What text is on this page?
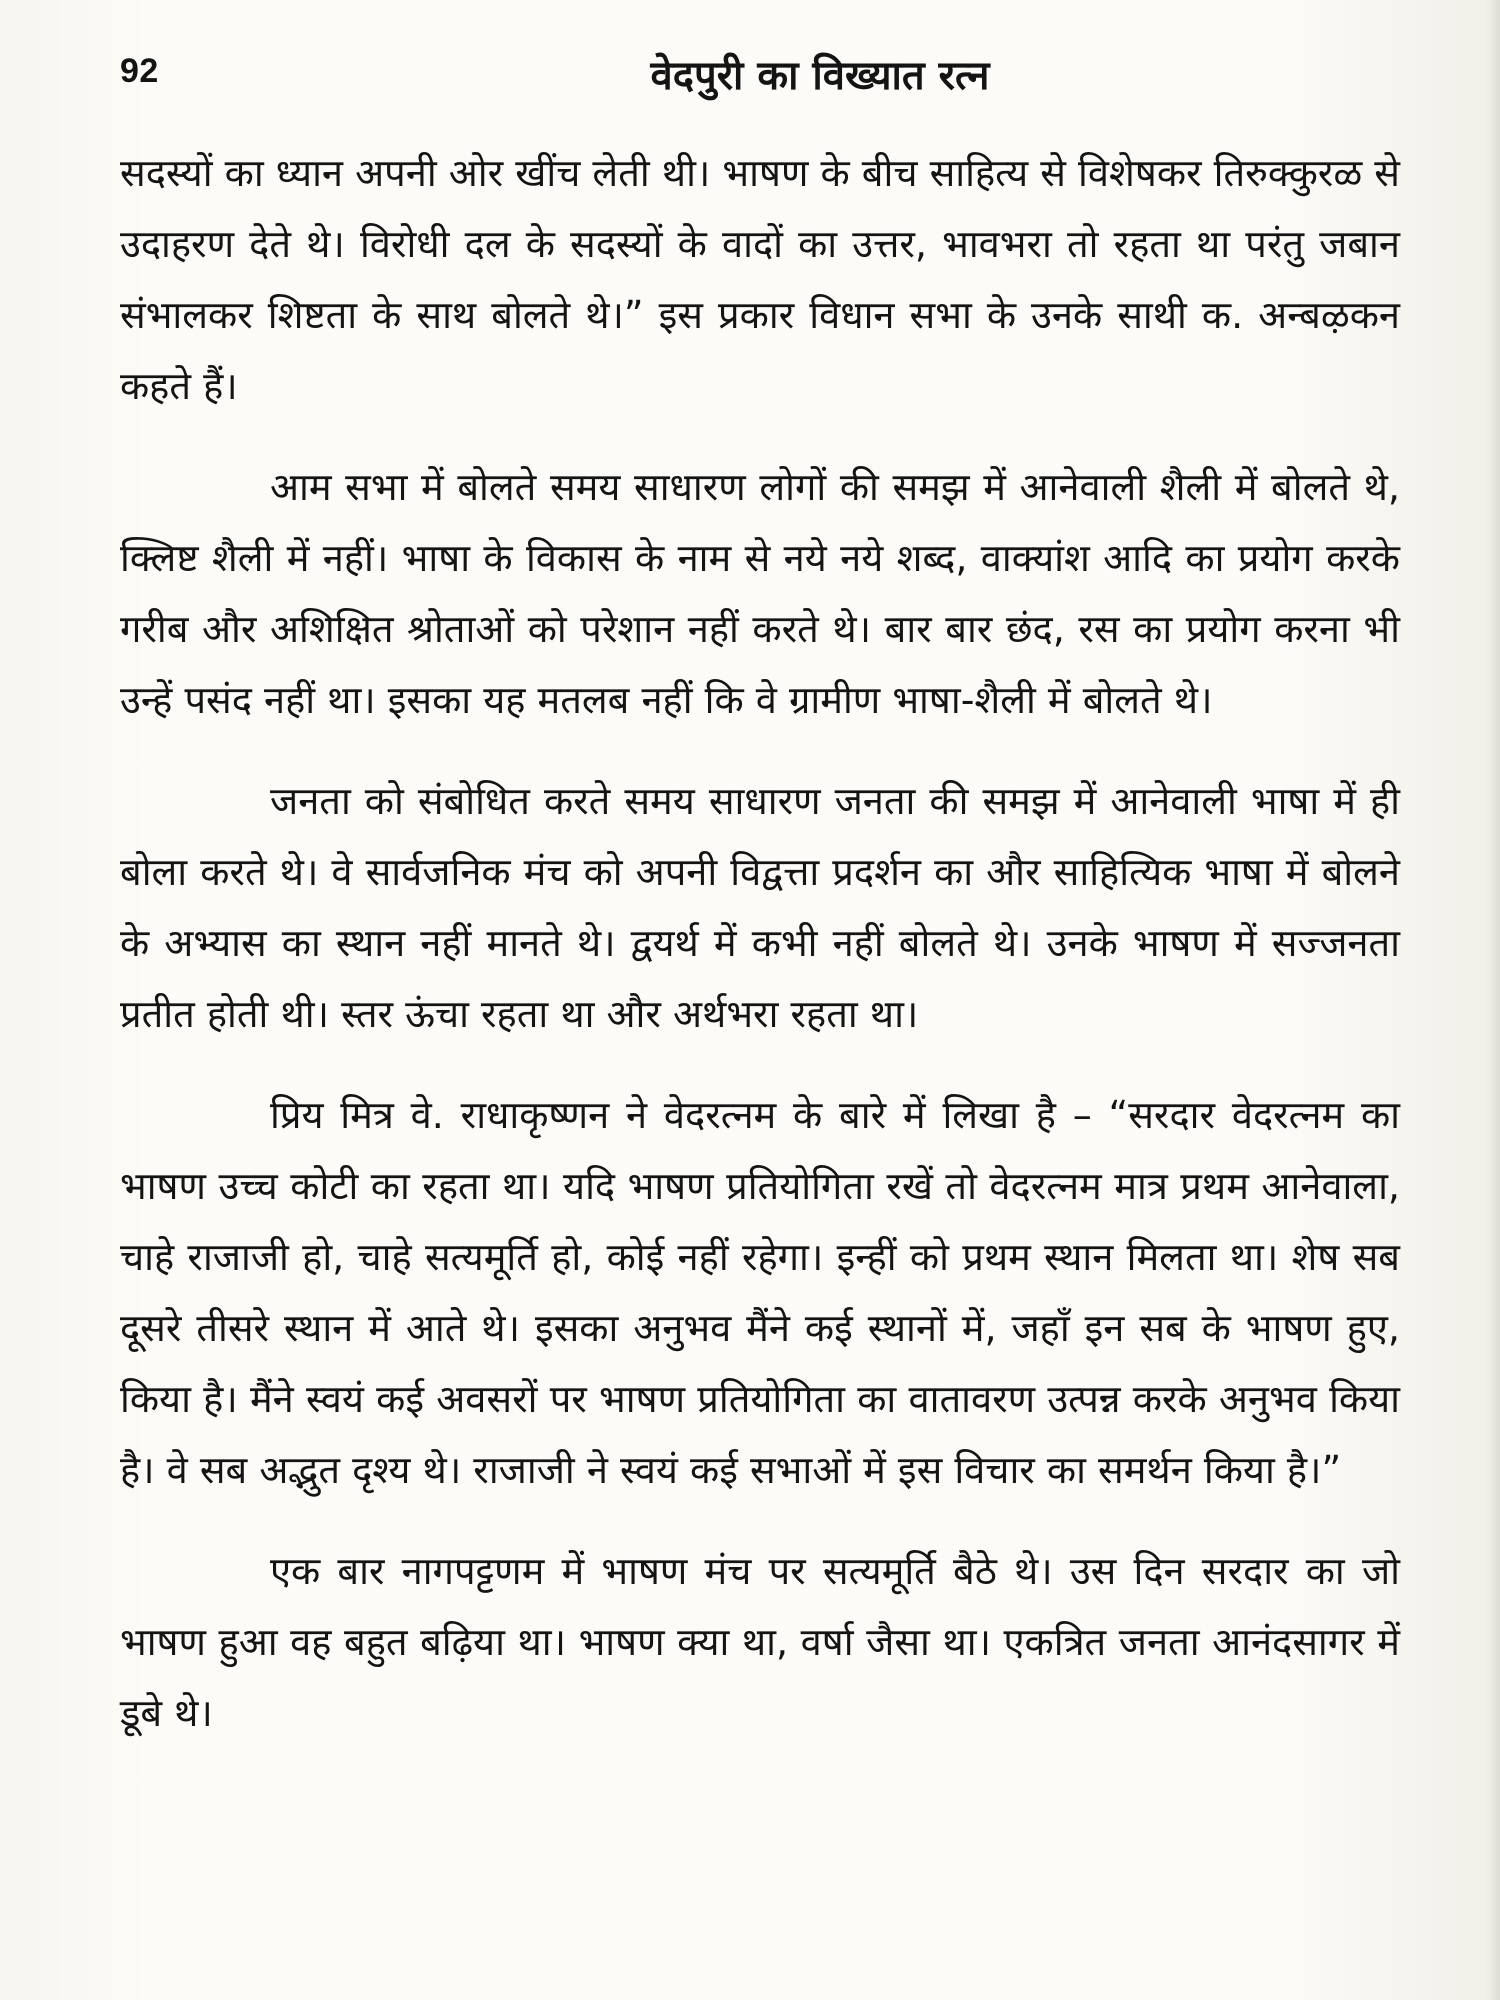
92	वेदपुरी का विख्यात रत्न

सदस्यों का ध्यान अपनी ओर खींच लेती थी। भाषण के बीच साहित्य से विशेषकर तिरुक्कुरळ से उदाहरण देते थे। विरोधी दल के सदस्यों के वादों का उत्तर, भावभरा तो रहता था परंतु जबान संभालकर शिष्टता के साथ बोलते थे।” इस प्रकार विधान सभा के उनके साथी क. अन्बऴकन कहते हैं।

आम सभा में बोलते समय साधारण लोगों की समझ में आनेवाली शैली में बोलते थे, क्लिष्ट शैली में नहीं। भाषा के विकास के नाम से नये नये शब्द, वाक्यांश आदि का प्रयोग करके गरीब और अशिक्षित श्रोताओं को परेशान नहीं करते थे। बार बार छंद, रस का प्रयोग करना भी उन्हें पसंद नहीं था। इसका यह मतलब नहीं कि वे ग्रामीण भाषा-शैली में बोलते थे।

जनता को संबोधित करते समय साधारण जनता की समझ में आनेवाली भाषा में ही बोला करते थे। वे सार्वजनिक मंच को अपनी विद्वत्ता प्रदर्शन का और साहित्यिक भाषा में बोलने के अभ्यास का स्थान नहीं मानते थे। द्वयर्थ में कभी नहीं बोलते थे। उनके भाषण में सज्जनता प्रतीत होती थी। स्तर ऊंचा रहता था और अर्थभरा रहता था।

प्रिय मित्र वे. राधाकृष्णन ने वेदरत्नम के बारे में लिखा है – “सरदार वेदरत्नम का भाषण उच्च कोटी का रहता था। यदि भाषण प्रतियोगिता रखें तो वेदरत्नम मात्र प्रथम आनेवाला, चाहे राजाजी हो, चाहे सत्यमूर्ति हो, कोई नहीं रहेगा। इन्हीं को प्रथम स्थान मिलता था। शेष सब दूसरे तीसरे स्थान में आते थे। इसका अनुभव मैंने कई स्थानों में, जहाँ इन सब के भाषण हुए, किया है। मैंने स्वयं कई अवसरों पर भाषण प्रतियोगिता का वातावरण उत्पन्न करके अनुभव किया है। वे सब अद्भुत दृश्य थे। राजाजी ने स्वयं कई सभाओं में इस विचार का समर्थन किया है।”

एक बार नागपट्टणम में भाषण मंच पर सत्यमूर्ति बैठे थे। उस दिन सरदार का जो भाषण हुआ वह बहुत बढ़िया था। भाषण क्या था, वर्षा जैसा था। एकत्रित जनता आनंदसागर में डूबे थे।
